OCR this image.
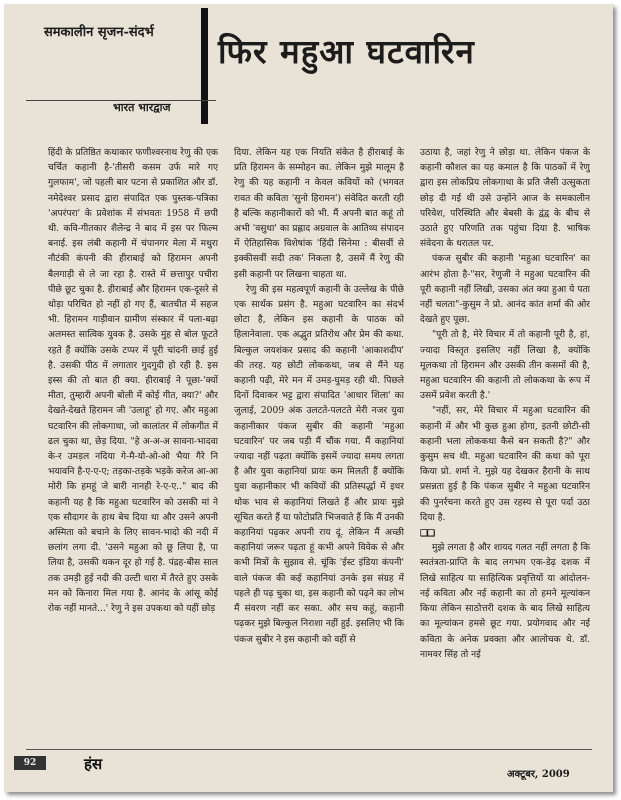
समकालीन सृजन-संदर्भ फिर महुआ घटवारिन
भारत भारद्वाज

हिंदी के प्रतिष्ठित कथाकार फणीश्वरनाथ रेणु की एक चर्चित कहानी है-'तीसरी कसम उर्फ मारे गए गुलफाम', जो पहली बार पटना से प्रकाशित और डॉ. नमेदेश्वर प्रसाद द्वारा संपादित एक पुस्तक-पत्रिका 'अपरंपरा' के प्रवेशांक में संभवतः 1958 में छपी थी. कवि-गीतकार शैलेन्द्र ने बाद में इस पर फिल्म बनाई. इस लंबी कहानी में चंपानगर मेला में मथुरा नौटंकी कंपनी की हीराबाई को हिरामन अपनी बैलगाड़ी से ले जा रहा है. रास्ते में छत्तापुर पचीरा पीछे छूट चुका है. हीराबाई और हिरामन एक-दूसरे से थोड़ा परिचित हो नहीं हो गए हैं, बातचीत में सहज भी. हिरामन गाड़ीवान ग्रामीण संस्कार में पला-बढ़ा अलमस्त सात्विक युवक है. उसके मुंह से बोल फूटते रहते हैं क्योंकि उसके टप्पर में पूरी चांदनी छाई हुई है. उसकी पीठ में लगातार गुदगुदी हो रही है. इस इस्स की तो बात ही क्या. हीराबाई ने पूछा-'क्यों मीता, तुम्हारी अपनी बोली में कोई गीत, क्या?' और देखते-देखते हिरामन जी 'उलाहू' हो गए. और महुआ घटवारिन की लोकगाथा, जो कालांतर में लोकगीत में ढल चुका था, छेड़ दिया. "हे अ-अ-अ सावना-भादवा के-र उमड़ल नदिया गे-मै-यो-ओ-ओ भैया गैरे नि भयावनि है-ए-ए-ए; तड़का-तड़के भड़के करेज आ-आ मोरी कि हमहूं जे बारी नानही रे-ए-ए.." बाद की कहानी यह है कि महुआ घटवारिन को उसकी मां ने एक सौदागर के हाथ बेच दिया था और उसने अपनी अस्मिता को बचाने के लिए सावन-भादो की नदी में छलांग लगा दी. 'उसने महुआ को छू लिया है, पा लिया है, उसकी थकन दूर हो गई है. पंद्रह-बीस साल तक उमड़ी हुई नदी की उल्टी धारा में तैरते हुए उसके मन को किनारा मिल गया है. आनंद के आंसू कोई रोक नहीं मानते...' रेणु ने इस उपकथा को यहीं छोड़

दिया. लेकिन यह एक नियति संकेत है हीराबाई के प्रति हिरामन के सम्मोहन का. लेकिन मुझे मालूम है रेणु की यह कहानी न केवल कवियों को (भगवत रावत की कविता 'सुनो हिरामन') संवेदित करती रही है बल्कि कहानीकारों को भी. मैं अपनी बात कहूं तो अभी 'वसुधा' का प्रह्लाद अग्रवाल के आतिथ्य संपादन में ऐतिहासिक विशेषांक 'हिंदी सिनेमा : बीसवीं से इक्कीसवीं सदी तक' निकला है, उसमें मैं रेणु की इसी कहानी पर लिखना चाहता था.

रेणु की इस महत्वपूर्ण कहानी के उल्लेख के पीछे एक सार्थक प्रसंग है. महुआ घटवारिन का संदर्भ छोटा है, लेकिन इस कहानी के पाठक को हिलानेवाला. एक अद्भुत प्रतिरोध और प्रेम की कथा. बिल्कुल जयशंकर प्रसाद की कहानी 'आकाशदीप' की तरह. यह छोटी लोककथा, जब से मैंने यह कहानी पढ़ी, मेरे मन में उमड़-घुमड़ रही थी. पिछले दिनों दिवाकर भट्ट द्वारा संपादित 'आधार शिला' का जुलाई, 2009 अंक उलटते-पलटते मेरी नजर युवा कहानीकार पंकज सुबीर की कहानी 'महुआ घटवारिन' पर जब पड़ी मैं चौंक गया. मैं कहानियां ज्यादा नहीं पढ़ता क्योंकि इसमें ज्यादा समय लगता है और युवा कहानियां प्रायः कम मिलती हैं क्योंकि युवा कहानीकार भी कवियों की प्रतिस्पर्द्धा में इधर थोक भाव से कहानियां लिखते हैं और प्रायः मुझे सूचित करते हैं या फोटोप्रति भिजवाते हैं कि मैं उनकी कहानियां पढ़कर अपनी राय दूं. लेकिन मैं अच्छी कहानियां जरूर पढ़ता हूं कभी अपने विवेक से और कभी मित्रों के सुझाव से. चूंकि 'ईस्ट इंडिया कंपनी' वाले पंकज की कई कहानियां उनके इस संग्रह में पहले ही पढ़ चुका था, इस कहानी को पढ़ने का लोभ मैं संवरण नहीं कर सका. और सच कहूं, कहानी पढ़कर मुझे बिल्कुल निराशा नहीं हुई. इसलिए भी कि पंकज सुबीर ने इस कहानी को वहीं से

उठाया है, जहां रेणु ने छोड़ा था. लेकिन पंकज के कहानी कौशल का यह कमाल है कि पाठकों में रेणु द्वारा इस लोकप्रिय लोकगाथा के प्रति जैसी उत्सुकता छोड़ दी गई थी उसे उन्होंने आज के समकालीन परिवेश, परिस्थिति और बेबसी के द्वंद्व के बीच से उठाते हुए परिणति तक पहुंचा दिया है. भाषिक संवेदना के धरातल पर.

पंकज सुबीर की कहानी 'महुआ घटवारिन' का आरंभ होता है-"सर, रेणुजी ने महुआ घटवारिन की पूरी कहानी नहीं लिखी, उसका अंत क्या हुआ ये पता नहीं चलता"-कुसुम ने प्रो. आनंद कांत शर्मा की ओर देखते हुए पूछा.

"पूरी तो है, मेरे विचार में तो कहानी पूरी है, हां, ज्यादा विस्तृत इसलिए नहीं लिखा है, क्योंकि मूलकथा तो हिरामन और उसकी तीन कसमों की है, महुआ घटवारिन की कहानी तो लोककथा के रूप में उसमें प्रवेश करती है.'

"नहीं, सर, मेरे विचार में महुआ घटवारिन की कहानी में और भी कुछ हुआ होगा, इतनी छोटी-सी कहानी भला लोककथा कैसे बन सकती है?" और कुसुम सच थी. महुआ घटवारिन की कथा को पूरा किया प्रो. शर्मा ने. मुझे यह देखकर हैरानी के साथ प्रसन्नता हुई है कि पंकज सुबीर ने महुआ घटवारिन की पुनर्रचना करते हुए उस रहस्य से पूरा पर्दा उठा दिया है.

❑❑

मुझे लगता है और शायद गलत नहीं लगता है कि स्वतंत्रता-प्राप्ति के बाद लगभग एक-डेढ़ दशक में लिखे साहित्य या साहित्यिक प्रवृत्तियों या आंदोलन-नई कविता और नई कहानी का तो हमने मूल्यांकन किया लेकिन साठोत्तरी दशक के बाद लिखे साहित्य का मूल्यांकन हमसे छूट गया. प्रयोगवाद और नई कविता के अनेक प्रवक्ता और आलोचक थे. डॉ. नामवर सिंह तो नई

92	हंस
अक्टूबर, 2009
